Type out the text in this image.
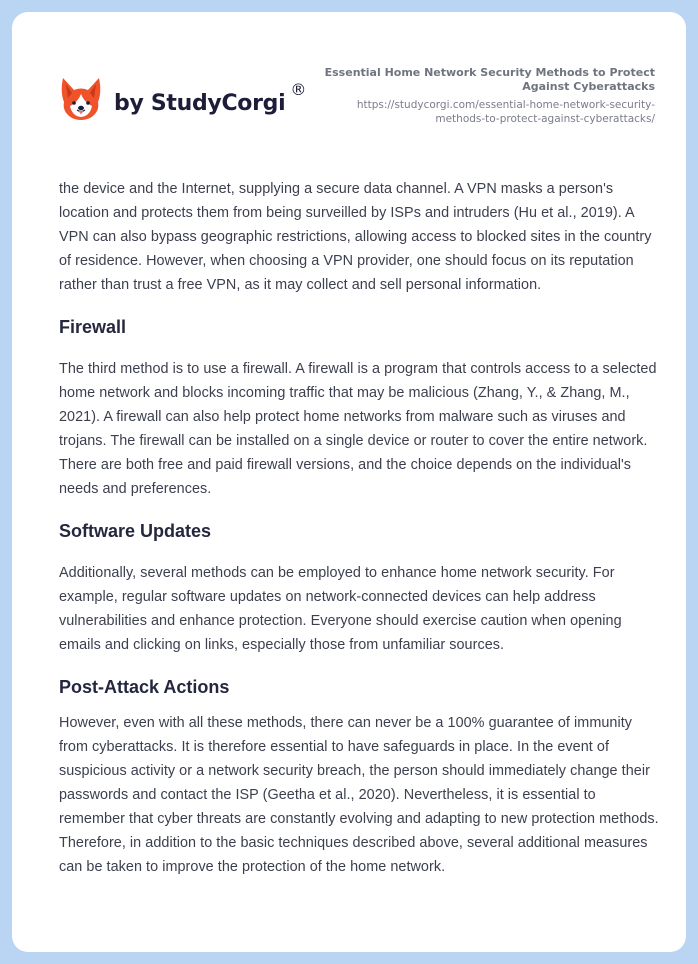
by StudyCorgi
®
Essential Home Network Security Methods to Protect
Against Cyberattacks
https://studycorgi.com/essential-home-network-security-
methods-to-protect-against-cyberattacks/

the device and the Internet, supplying a secure data channel. A VPN masks a person's location and protects them from being surveilled by ISPs and intruders (Hu et al., 2019). A VPN can also bypass geographic restrictions, allowing access to blocked sites in the country of residence. However, when choosing a VPN provider, one should focus on its reputation rather than trust a free VPN, as it may collect and sell personal information.

Firewall

The third method is to use a firewall. A firewall is a program that controls access to a selected home network and blocks incoming traffic that may be malicious (Zhang, Y., & Zhang, M., 2021). A firewall can also help protect home networks from malware such as viruses and trojans. The firewall can be installed on a single device or router to cover the entire network. There are both free and paid firewall versions, and the choice depends on the individual's needs and preferences.

Software Updates

Additionally, several methods can be employed to enhance home network security. For example, regular software updates on network-connected devices can help address vulnerabilities and enhance protection. Everyone should exercise caution when opening emails and clicking on links, especially those from unfamiliar sources.

Post-Attack Actions

However, even with all these methods, there can never be a 100% guarantee of immunity from cyberattacks. It is therefore essential to have safeguards in place. In the event of suspicious activity or a network security breach, the person should immediately change their passwords and contact the ISP (Geetha et al., 2020). Nevertheless, it is essential to remember that cyber threats are constantly evolving and adapting to new protection methods. Therefore, in addition to the basic techniques described above, several additional measures can be taken to improve the protection of the home network.
